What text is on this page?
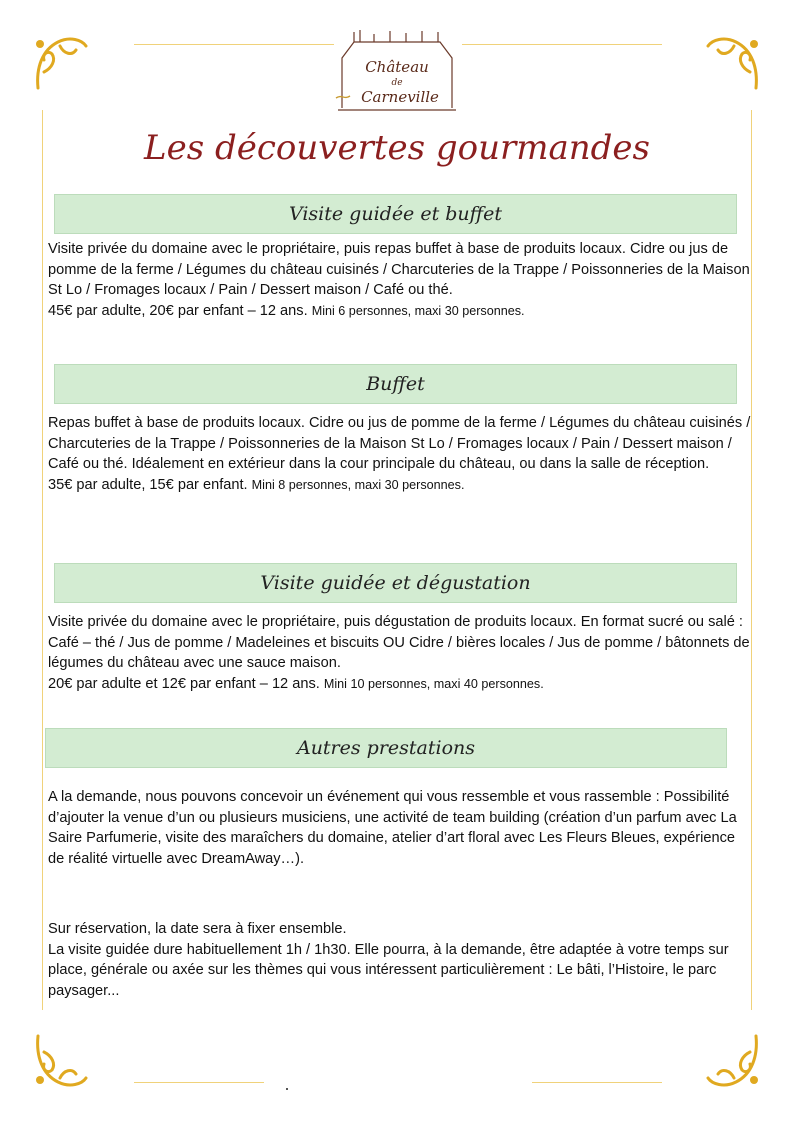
Château
de
Carneville
Les découvertes gourmandes
Visite guidée et buffet

Visite privée du domaine avec le propriétaire, puis repas buffet à base de produits locaux. Cidre ou jus de pomme de la ferme / Légumes du château cuisinés / Charcuteries de la Trappe / Poissonneries de la Maison St Lo / Fromages locaux / Pain / Dessert maison / Café ou thé.
45€ par adulte, 20€ par enfant – 12 ans. Mini 6 personnes, maxi 30 personnes.

Buffet

Repas buffet à base de produits locaux. Cidre ou jus de pomme de la ferme / Légumes du château cuisinés / Charcuteries de la Trappe / Poissonneries de la Maison St Lo / Fromages locaux / Pain / Dessert maison / Café ou thé. Idéalement en extérieur dans la cour principale du château, ou dans la salle de réception.
35€ par adulte, 15€ par enfant. Mini 8 personnes, maxi 30 personnes.

Visite guidée et dégustation

Visite privée du domaine avec le propriétaire, puis dégustation de produits locaux. En format sucré ou salé : Café – thé / Jus de pomme / Madeleines et biscuits OU Cidre / bières locales / Jus de pomme / bâtonnets de légumes du château avec une sauce maison.
20€ par adulte et 12€ par enfant – 12 ans. Mini 10 personnes, maxi 40 personnes.

Autres prestations

A la demande, nous pouvons concevoir un événement qui vous ressemble et vous rassemble : Possibilité d’ajouter la venue d’un ou plusieurs musiciens, une activité de team building (création d’un parfum avec La Saire Parfumerie, visite des maraîchers du domaine, atelier d’art floral avec Les Fleurs Bleues, expérience de réalité virtuelle avec DreamAway…).

Sur réservation, la date sera à fixer ensemble.
La visite guidée dure habituellement 1h / 1h30. Elle pourra, à la demande, être adaptée à votre temps sur place, générale ou axée sur les thèmes qui vous intéressent particulièrement : Le bâti, l’Histoire, le parc paysager...
